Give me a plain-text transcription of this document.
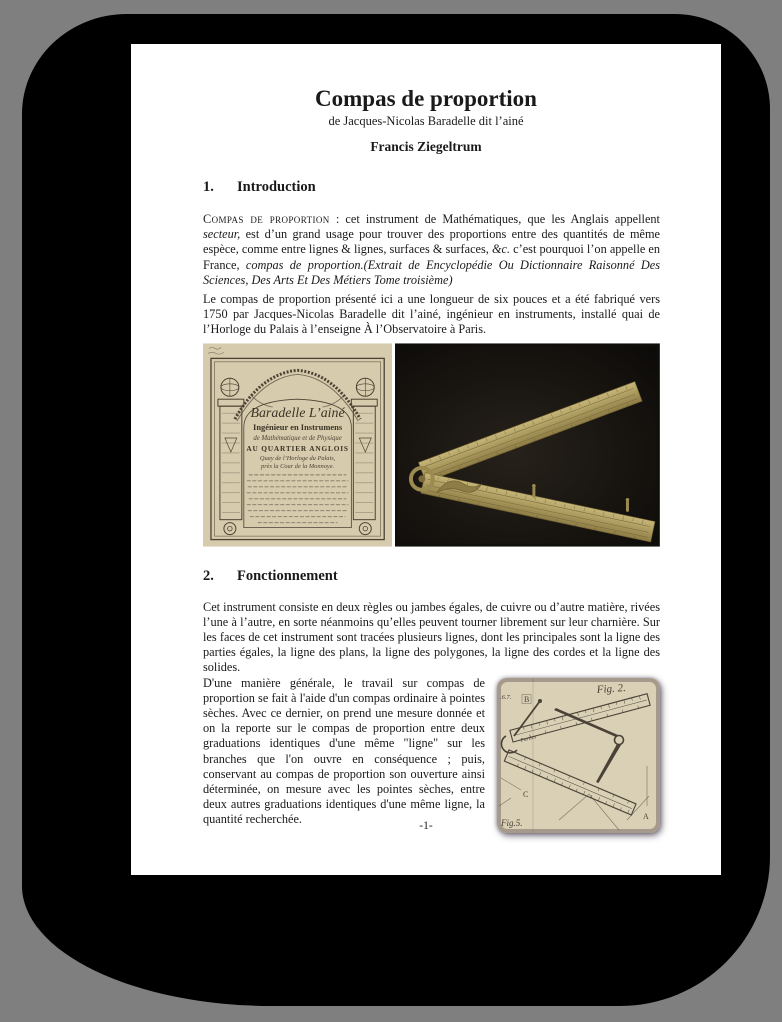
Compas de proportion
de Jacques-Nicolas Baradelle dit l’ainé
Francis Ziegeltrum
1. Introduction

Compas de proportion : cet instrument de Mathématiques, que les Anglais appellent secteur, est d’un grand usage pour trouver des proportions entre des quantités de même espèce, comme entre lignes & lignes, surfaces & surfaces, &c. c’est pourquoi l’on appelle en France, compas de proportion.(Extrait de Encyclopédie Ou Dictionnaire Raisonné Des Sciences, Des Arts Et Des Métiers Tome troisième)

Le compas de proportion présenté ici a une longueur de six pouces et a été fabriqué vers 1750 par Jacques-Nicolas Baradelle dit l’ainé, ingénieur en instruments, installé quai de l’Horloge du Palais à l’enseigne À l’Observatoire à Paris.

Baradelle L’ainé
Ingénieur en Instrumens
de Mathématique et de Physique
AU QUARTIER ANGLOIS
Quay de l’Horloge du Palais,
près la Cour de la Monnoye.
2. Fonctionnement

Cet instrument consiste en deux règles ou jambes égales, de cuivre ou d’autre matière, rivées l’une à l’autre, en sorte néanmoins qu’elles peuvent tourner librement sur leur charnière. Sur les faces de cet instrument sont tracées plusieurs lignes, dont les principales sont la ligne des parties égales, la ligne des plans, la ligne des polygones, la ligne des cordes et la ligne des solides.

Fig. 2.
.6.7. B
Parties
C
A
Fig.5.
D'une manière générale, le travail sur compas de proportion se fait à l'aide d'un compas ordinaire à pointes sèches. Avec ce dernier, on prend une mesure donnée et on la reporte sur le compas de proportion entre deux graduations identiques d'une même "ligne" sur les branches que l'on ouvre en conséquence ; puis, conservant au compas de proportion son ouverture ainsi déterminée, on mesure avec les pointes sèches, entre deux autres graduations identiques d'une même ligne, la quantité recherchée.	-1-
